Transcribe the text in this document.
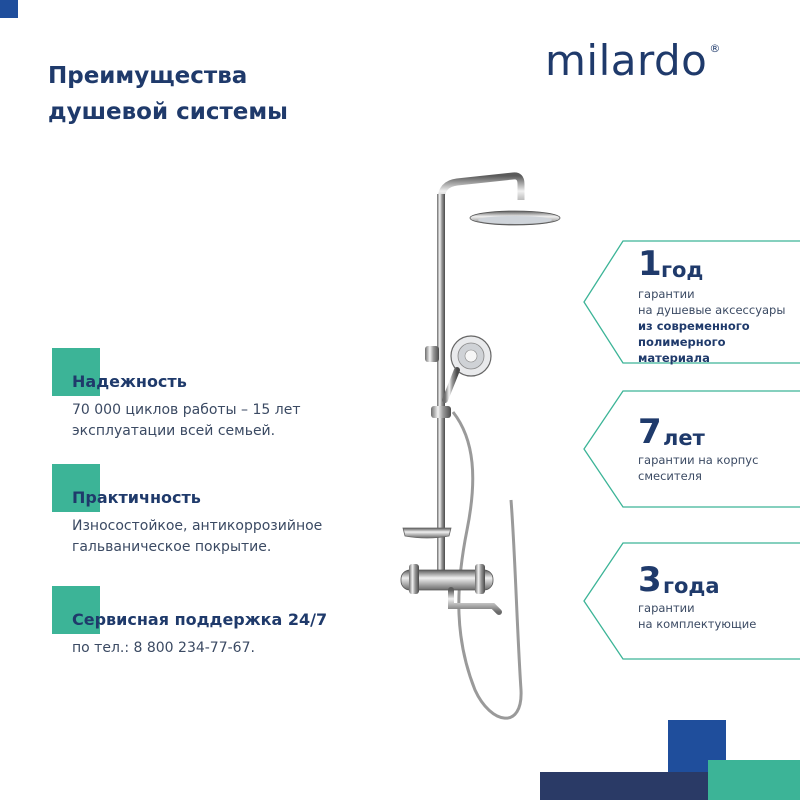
Преимущества
душевой системы
milardo ®
Надежность
70 000 циклов работы – 15 лет эксплуатации всей семьей.
Практичность
Износостойкое, антикоррозийное гальваническое покрытие.
Сервисная поддержка 24/7
по тел.: 8 800 234-77-67.
1 год
гарантии
на душевые аксессуары
из современного
полимерного материала
7 лет
гарантии на корпус
смесителя
3 года
гарантии
на комплектующие
